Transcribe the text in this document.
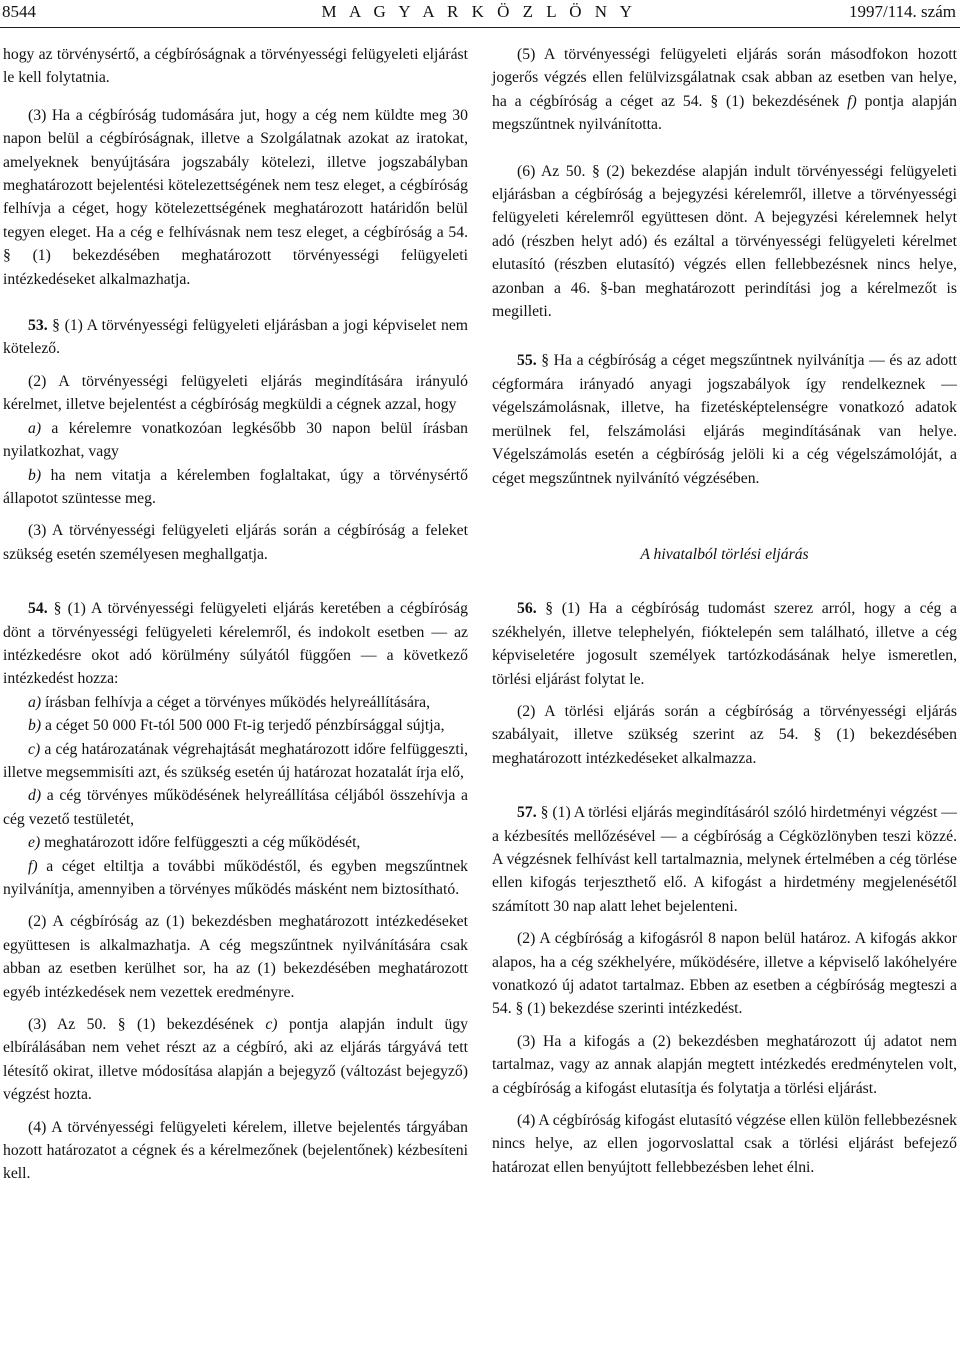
8544	M A G Y A R K Ö Z L Ö N Y	1997/114. szám

hogy az törvénysértő, a cégbíróságnak a törvényességi felügyeleti eljárást le kell folytatnia.

(3) Ha a cégbíróság tudomására jut, hogy a cég nem küldte meg 30 napon belül a cégbíróságnak, illetve a Szolgálatnak azokat az iratokat, amelyeknek benyújtására jogszabály kötelezi, illetve jogszabályban meghatározott bejelentési kötelezettségének nem tesz eleget, a cégbíróság felhívja a céget, hogy kötelezettségének meghatározott határidőn belül tegyen eleget. Ha a cég e felhívásnak nem tesz eleget, a cégbíróság a 54. § (1) bekezdésében meghatározott törvényességi felügyeleti intézkedéseket alkalmazhatja.

53. § (1) A törvényességi felügyeleti eljárásban a jogi képviselet nem kötelező.

(2) A törvényességi felügyeleti eljárás megindítására irányuló kérelmet, illetve bejelentést a cégbíróság megküldi a cégnek azzal, hogy

a) a kérelemre vonatkozóan legkésőbb 30 napon belül írásban nyilatkozhat, vagy

b) ha nem vitatja a kérelemben foglaltakat, úgy a törvénysértő állapotot szüntesse meg.

(3) A törvényességi felügyeleti eljárás során a cégbíróság a feleket szükség esetén személyesen meghallgatja.

54. § (1) A törvényességi felügyeleti eljárás keretében a cégbíróság dönt a törvényességi felügyeleti kérelemről, és indokolt esetben — az intézkedésre okot adó körülmény súlyától függően — a következő intézkedést hozza:

a) írásban felhívja a céget a törvényes működés helyreállítására,

b) a céget 50 000 Ft-tól 500 000 Ft-ig terjedő pénzbírsággal sújtja,

c) a cég határozatának végrehajtását meghatározott időre felfüggeszti, illetve megsemmisíti azt, és szükség esetén új határozat hozatalát írja elő,

d) a cég törvényes működésének helyreállítása céljából összehívja a cég vezető testületét,

e) meghatározott időre felfüggeszti a cég működését,

f) a céget eltiltja a további működéstől, és egyben megszűntnek nyilvánítja, amennyiben a törvényes működés másként nem biztosítható.

(2) A cégbíróság az (1) bekezdésben meghatározott intézkedéseket együttesen is alkalmazhatja. A cég megszűntnek nyilvánítására csak abban az esetben kerülhet sor, ha az (1) bekezdésében meghatározott egyéb intézkedések nem vezettek eredményre.

(3) Az 50. § (1) bekezdésének c) pontja alapján indult ügy elbírálásában nem vehet részt az a cégbíró, aki az eljárás tárgyává tett létesítő okirat, illetve módosítása alapján a bejegyző (változást bejegyző) végzést hozta.

(4) A törvényességi felügyeleti kérelem, illetve bejelentés tárgyában hozott határozatot a cégnek és a kérelmezőnek (bejelentőnek) kézbesíteni kell.

(5) A törvényességi felügyeleti eljárás során másodfokon hozott jogerős végzés ellen felülvizsgálatnak csak abban az esetben van helye, ha a cégbíróság a céget az 54. § (1) bekezdésének f) pontja alapján megszűntnek nyilvánította.

(6) Az 50. § (2) bekezdése alapján indult törvényességi felügyeleti eljárásban a cégbíróság a bejegyzési kérelemről, illetve a törvényességi felügyeleti kérelemről együttesen dönt. A bejegyzési kérelemnek helyt adó (részben helyt adó) és ezáltal a törvényességi felügyeleti kérelmet elutasító (részben elutasító) végzés ellen fellebbezésnek nincs helye, azonban a 46. §-ban meghatározott perindítási jog a kérelmezőt is megilleti.

55. § Ha a cégbíróság a céget megszűntnek nyilvánítja — és az adott cégformára irányadó anyagi jogszabályok így rendelkeznek — végelszámolásnak, illetve, ha fizetésképtelenségre vonatkozó adatok merülnek fel, felszámolási eljárás megindításának van helye. Végelszámolás esetén a cégbíróság jelöli ki a cég végelszámolóját, a céget megszűntnek nyilvánító végzésében.

A hivatalból törlési eljárás

56. § (1) Ha a cégbíróság tudomást szerez arról, hogy a cég a székhelyén, illetve telephelyén, fióktelepén sem található, illetve a cég képviseletére jogosult személyek tartózkodásának helye ismeretlen, törlési eljárást folytat le.

(2) A törlési eljárás során a cégbíróság a törvényességi eljárás szabályait, illetve szükség szerint az 54. § (1) bekezdésében meghatározott intézkedéseket alkalmazza.

57. § (1) A törlési eljárás megindításáról szóló hirdetményi végzést — a kézbesítés mellőzésével — a cégbíróság a Cégközlönyben teszi közzé. A végzésnek felhívást kell tartalmaznia, melynek értelmében a cég törlése ellen kifogás terjeszthető elő. A kifogást a hirdetmény megjelenésétől számított 30 nap alatt lehet bejelenteni.

(2) A cégbíróság a kifogásról 8 napon belül határoz. A kifogás akkor alapos, ha a cég székhelyére, működésére, illetve a képviselő lakóhelyére vonatkozó új adatot tartalmaz. Ebben az esetben a cégbíróság megteszi a 54. § (1) bekezdése szerinti intézkedést.

(3) Ha a kifogás a (2) bekezdésben meghatározott új adatot nem tartalmaz, vagy az annak alapján megtett intézkedés eredménytelen volt, a cégbíróság a kifogást elutasítja és folytatja a törlési eljárást.

(4) A cégbíróság kifogást elutasító végzése ellen külön fellebbezésnek nincs helye, az ellen jogorvoslattal csak a törlési eljárást befejező határozat ellen benyújtott fellebbezésben lehet élni.
